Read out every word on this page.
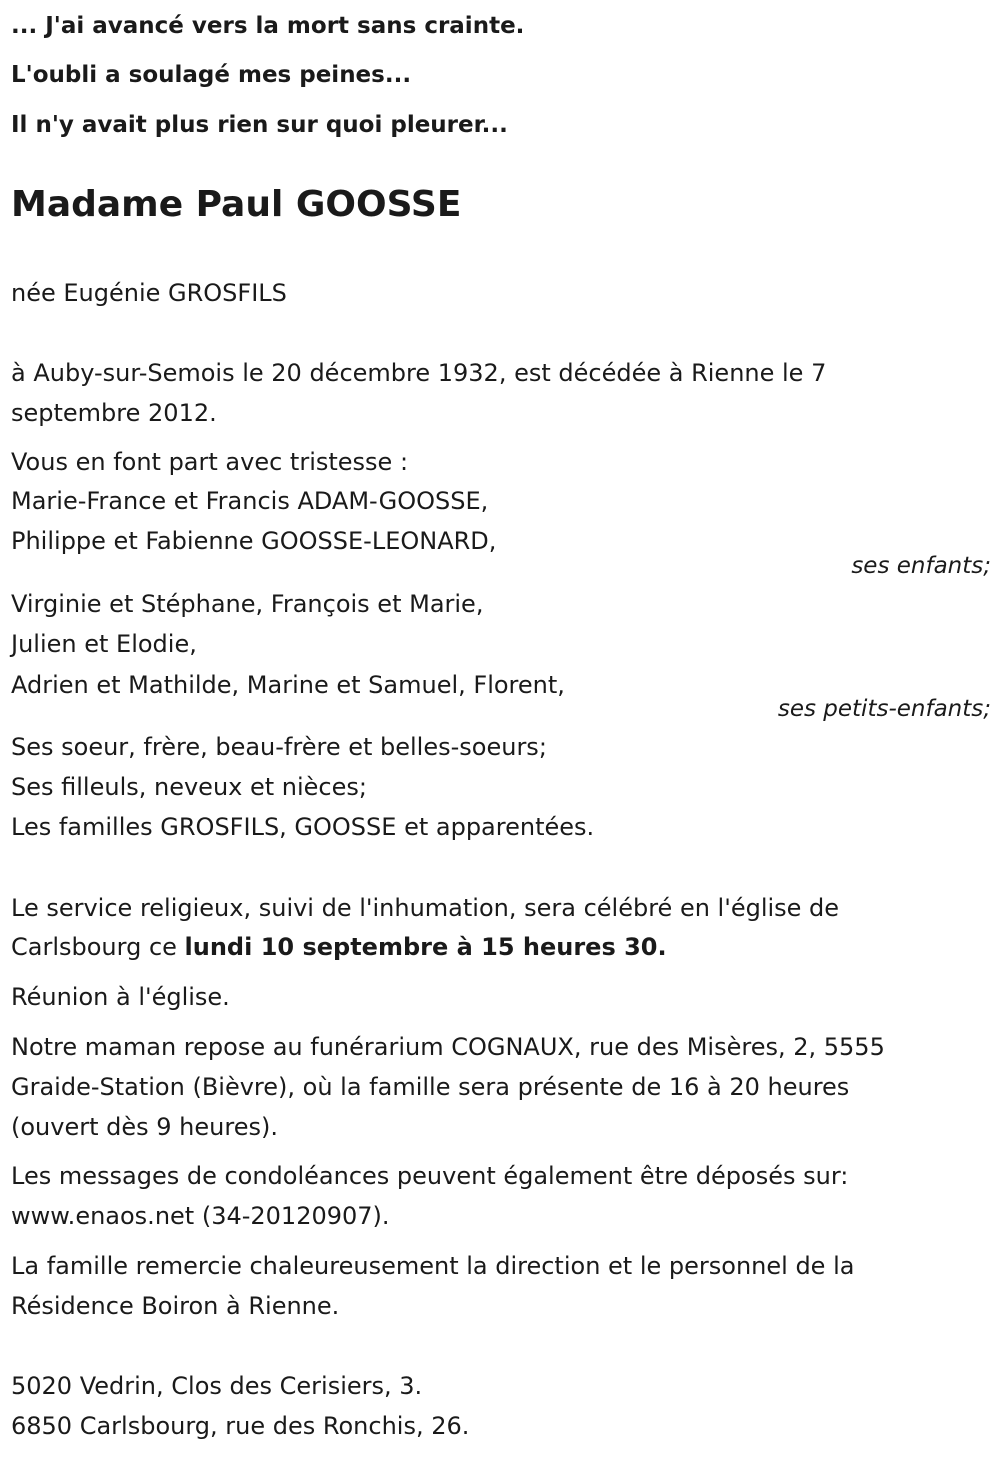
... J'ai avancé vers la mort sans crainte.
L'oubli a soulagé mes peines...
Il n'y avait plus rien sur quoi pleurer...
Madame Paul GOOSSE
née Eugénie GROSFILS
à Auby-sur-Semois le 20 décembre 1932, est décédée à Rienne le 7
septembre 2012.
Vous en font part avec tristesse :
Marie-France et Francis ADAM-GOOSSE,
Philippe et Fabienne GOOSSE-LEONARD,
ses enfants;
Virginie et Stéphane, François et Marie,
Julien et Elodie,
Adrien et Mathilde, Marine et Samuel, Florent,
ses petits-enfants;
Ses soeur, frère, beau-frère et belles-soeurs;
Ses filleuls, neveux et nièces;
Les familles GROSFILS, GOOSSE et apparentées.
Le service religieux, suivi de l'inhumation, sera célébré en l'église de
Carlsbourg ce lundi 10 septembre à 15 heures 30.
Réunion à l'église.
Notre maman repose au funérarium COGNAUX, rue des Misères, 2, 5555
Graide-Station (Bièvre), où la famille sera présente de 16 à 20 heures
(ouvert dès 9 heures).
Les messages de condoléances peuvent également être déposés sur:
www.enaos.net (34-20120907).
La famille remercie chaleureusement la direction et le personnel de la
Résidence Boiron à Rienne.
5020 Vedrin, Clos des Cerisiers, 3.
6850 Carlsbourg, rue des Ronchis, 26.
